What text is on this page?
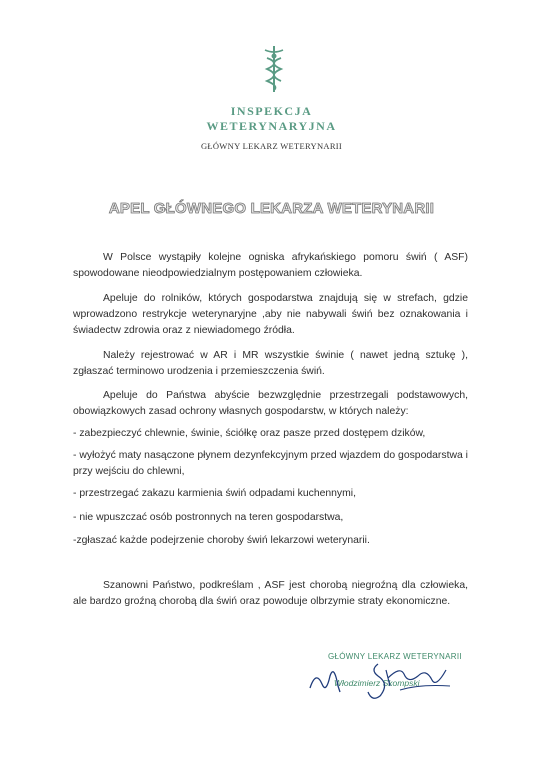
INSPEKCJA
WETERYNARYJNA
GŁÓWNY LEKARZ WETERYNARII
APEL GŁÓWNEGO LEKARZA WETERYNARII

W Polsce wystąpiły kolejne ogniska afrykańskiego pomoru świń ( ASF) spowodowane nieodpowiedzialnym postępowaniem człowieka.

Apeluje do rolników, których gospodarstwa znajdują się w strefach, gdzie wprowadzono restrykcje weterynaryjne ,aby nie nabywali świń bez oznakowania i świadectw zdrowia oraz z niewiadomego źródła.

Należy rejestrować w AR i MR wszystkie świnie ( nawet jedną sztukę ), zgłaszać terminowo urodzenia i przemieszczenia świń.

Apeluje do Państwa abyście bezwzględnie przestrzegali podstawowych, obowiązkowych zasad ochrony własnych gospodarstw, w których należy:

- zabezpieczyć chlewnie, świnie, ściółkę oraz pasze przed dostępem dzików,

- wyłożyć maty nasączone płynem dezynfekcyjnym przed wjazdem do gospodarstwa i przy wejściu do chlewni,

- przestrzegać zakazu karmienia świń odpadami kuchennymi,

- nie wpuszczać osób postronnych na teren gospodarstwa,

-zgłaszać każde podejrzenie choroby świń lekarzowi weterynarii.

Szanowni Państwo, podkreślam , ASF jest chorobą niegroźną dla człowieka, ale bardzo groźną chorobą dla świń oraz powoduje olbrzymie straty ekonomiczne.

GŁÓWNY LEKARZ WETERYNARII
Włodzimierz Skompski
